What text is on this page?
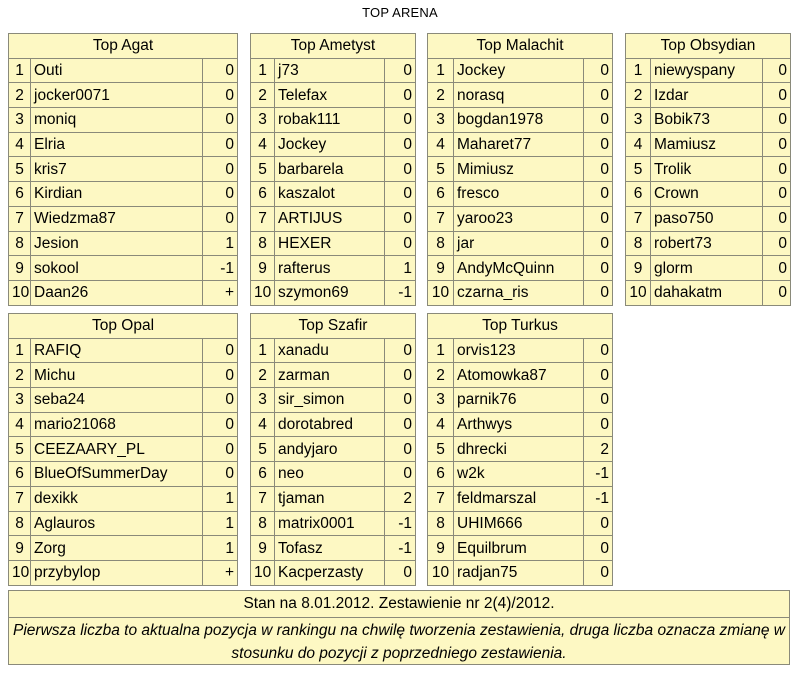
TOP ARENA
Top Agat		
1	Outi	0
2	jocker0071	0
3	moniq	0
4	Elria	0
5	kris7	0
6	Kirdian	0
7	Wiedzma87	0
8	Jesion	1
9	sokool	-1
10	Daan26	+
Top Ametyst		
1	j73	0
2	Telefax	0
3	robak111	0
4	Jockey	0
5	barbarela	0
6	kaszalot	0
7	ARTIJUS	0
8	HEXER	0
9	rafterus	1
10	szymon69	-1
Top Malachit		
1	Jockey	0
2	norasq	0
3	bogdan1978	0
4	Maharet77	0
5	Mimiusz	0
6	fresco	0
7	yaroo23	0
8	jar	0
9	AndyMcQuinn	0
10	czarna_ris	0
Top Obsydian		
1	niewyspany	0
2	Izdar	0
3	Bobik73	0
4	Mamiusz	0
5	Trolik	0
6	Crown	0
7	paso750	0
8	robert73	0
9	glorm	0
10	dahakatm	0
Top Opal		
1	RAFIQ	0
2	Michu	0
3	seba24	0
4	mario21068	0
5	CEEZAARY_PL	0
6	BlueOfSummerDay	0
7	dexikk	1
8	Aglauros	1
9	Zorg	1
10	przybylop	+
Top Szafir		
1	xanadu	0
2	zarman	0
3	sir_simon	0
4	dorotabred	0
5	andyjaro	0
6	neo	0
7	tjaman	2
8	matrix0001	-1
9	Tofasz	-1
10	Kacperzasty	0
Top Turkus		
1	orvis123	0
2	Atomowka87	0
3	parnik76	0
4	Arthwys	0
5	dhrecki	2
6	w2k	-1
7	feldmarszal	-1
8	UHIM666	0
9	Equilbrum	0
10	radjan75	0
Stan na 8.01.2012. Zestawienie nr 2(4)/2012.
Pierwsza liczba to aktualna pozycja w rankingu na chwilę tworzenia zestawienia, druga liczba oznacza zmianę w stosunku do pozycji z poprzedniego zestawienia.
